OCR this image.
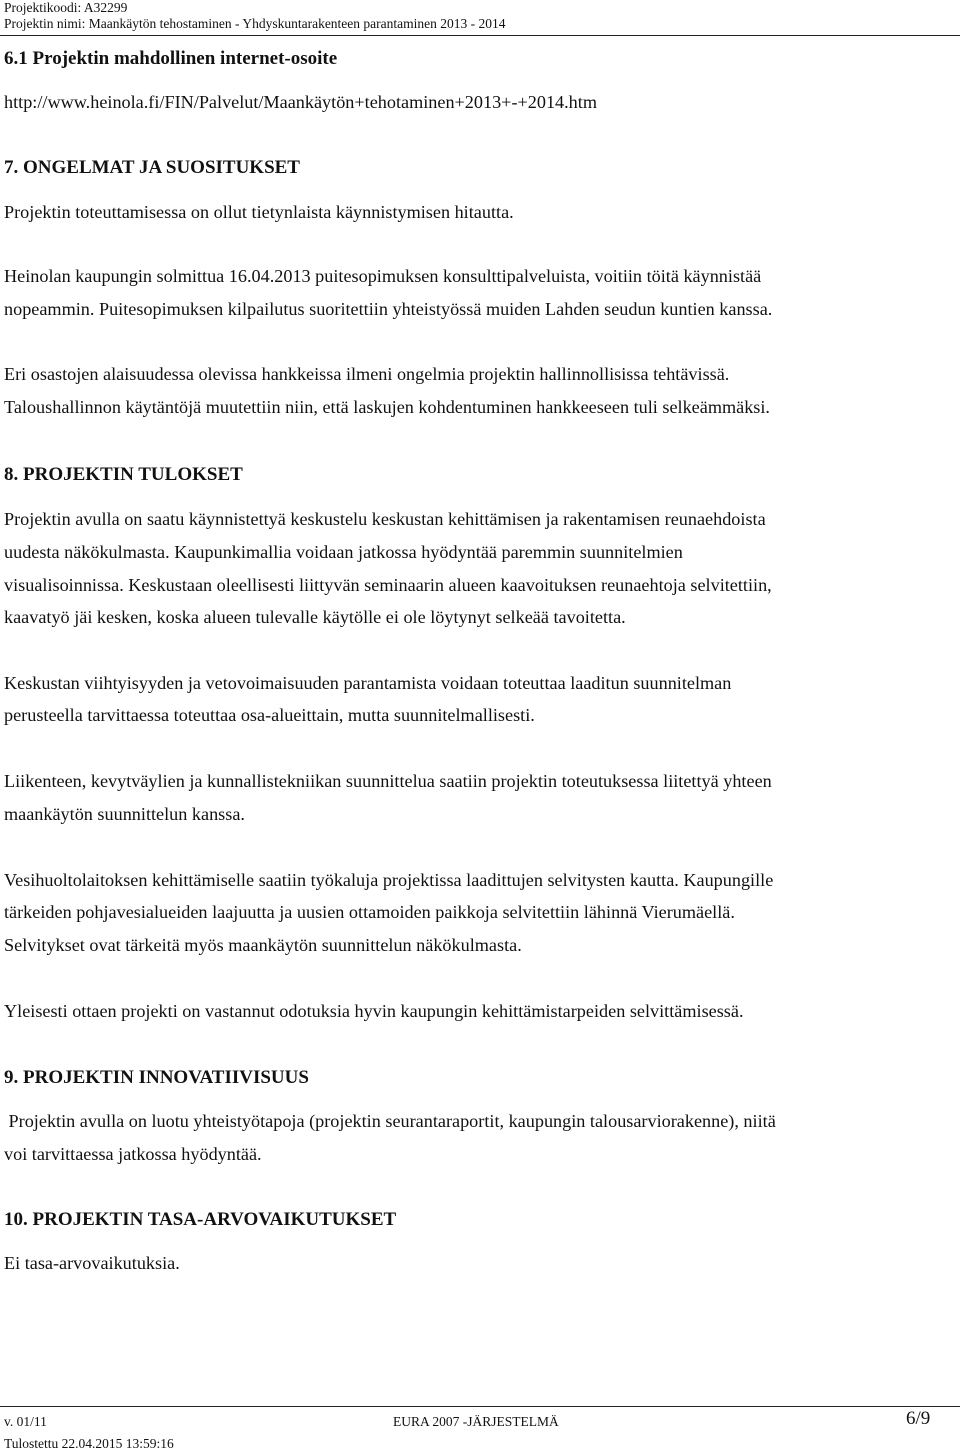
Projektikoodi: A32299
Projektin nimi: Maankäytön tehostaminen - Yhdyskuntarakenteen parantaminen 2013 - 2014
6.1 Projektin mahdollinen internet-osoite
http://www.heinola.fi/FIN/Palvelut/Maankäytön+tehotaminen+2013+-+2014.htm
7. ONGELMAT JA SUOSITUKSET
Projektin toteuttamisessa on ollut tietynlaista käynnistymisen hitautta.
Heinolan kaupungin solmittua 16.04.2013 puitesopimuksen konsulttipalveluista, voitiin töitä käynnistää
nopeammin. Puitesopimuksen kilpailutus suoritettiin yhteistyössä muiden Lahden seudun kuntien kanssa.
Eri osastojen alaisuudessa olevissa hankkeissa ilmeni ongelmia projektin hallinnollisissa tehtävissä.
Taloushallinnon käytäntöjä muutettiin niin, että laskujen kohdentuminen hankkeeseen tuli selkeämmäksi.
8. PROJEKTIN TULOKSET
Projektin avulla on saatu käynnistettyä keskustelu keskustan kehittämisen ja rakentamisen reunaehdoista
uudesta näkökulmasta. Kaupunkimallia voidaan jatkossa hyödyntää paremmin suunnitelmien
visualisoinnissa. Keskustaan oleellisesti liittyvän seminaarin alueen kaavoituksen reunaehtoja selvitettiin,
kaavatyö jäi kesken, koska alueen tulevalle käytölle ei ole löytynyt selkeää tavoitetta.
Keskustan viihtyisyyden ja vetovoimaisuuden parantamista voidaan toteuttaa laaditun suunnitelman
perusteella tarvittaessa toteuttaa osa-alueittain, mutta suunnitelmallisesti.
Liikenteen, kevytväylien ja kunnallistekniikan suunnittelua saatiin projektin toteutuksessa liitettyä yhteen
maankäytön suunnittelun kanssa.
Vesihuoltolaitoksen kehittämiselle saatiin työkaluja projektissa laadittujen selvitysten kautta. Kaupungille
tärkeiden pohjavesialueiden laajuutta ja uusien ottamoiden paikkoja selvitettiin lähinnä Vierumäellä.
Selvitykset ovat tärkeitä myös maankäytön suunnittelun näkökulmasta.
Yleisesti ottaen projekti on vastannut odotuksia hyvin kaupungin kehittämistarpeiden selvittämisessä.
9. PROJEKTIN INNOVATIIVISUUS
Projektin avulla on luotu yhteistyötapoja (projektin seurantaraportit, kaupungin talousarviorakenne), niitä
voi tarvittaessa jatkossa hyödyntää.
10. PROJEKTIN TASA-ARVOVAIKUTUKSET
Ei tasa-arvovaikutuksia.
v. 01/11	EURA 2007 -JÄRJESTELMÄ	6/9
Tulostettu 22.04.2015 13:59:16
